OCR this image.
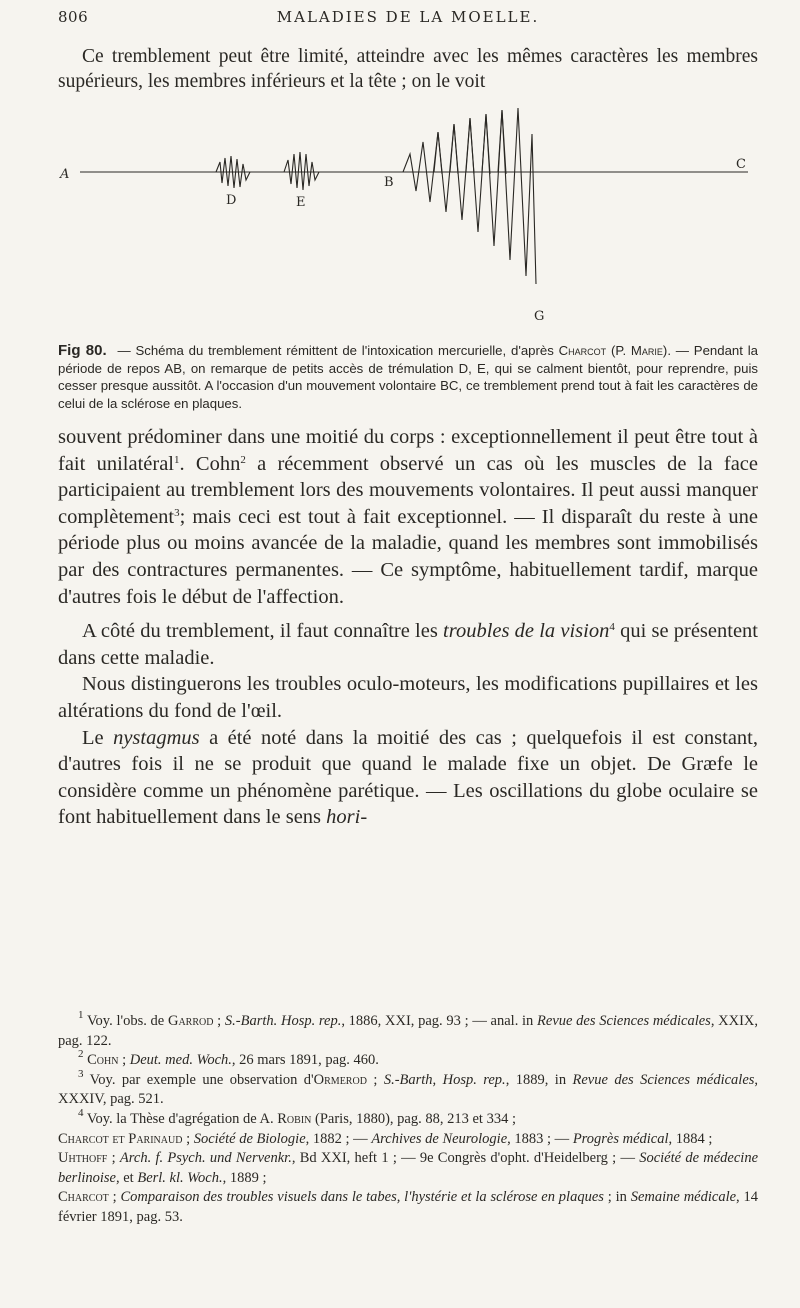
806	MALADIES DE LA MOELLE.
Ce tremblement peut être limité, atteindre avec les mêmes caractères les membres supérieurs, les membres inférieurs et la tête ; on le voit
A
D	E
B
C
G
Fig 80. — Schéma du tremblement rémittent de l'intoxication mercurielle, d'après Charcot (P. Marie). — Pendant la période de repos AB, on remarque de petits accès de trémulation D, E, qui se calment bientôt, pour reprendre, puis cesser presque aussitôt. A l'occasion d'un mouvement volontaire BC, ce tremblement prend tout à fait les caractères de celui de la sclérose en plaques.

souvent prédominer dans une moitié du corps : exceptionnellement il peut être tout à fait unilatéral$^1$. Cohn$^2$ a récemment observé un cas où les muscles de la face participaient au tremblement lors des mouvements volontaires. Il peut aussi manquer complètement$^3$; mais ceci est tout à fait exceptionnel. — Il disparaît du reste à une période plus ou moins avancée de la maladie, quand les membres sont immobilisés par des contractures permanentes. — Ce symptôme, habituellement tardif, marque d'autres fois le début de l'affection.

A côté du tremblement, il faut connaître les troubles de la vision$^4$ qui se présentent dans cette maladie.

Nous distinguerons les troubles oculo-moteurs, les modifications pupillaires et les altérations du fond de l'œil.

Le nystagmus a été noté dans la moitié des cas ; quelquefois il est constant, d'autres fois il ne se produit que quand le malade fixe un objet. De Græfe le considère comme un phénomène parétique. — Les oscillations du globe oculaire se font habituellement dans le sens hori-

$^1$ Voy. l'obs. de Garrod ; S.-Barth. Hosp. rep., 1886, XXI, pag. 93 ; — anal. in Revue des Sciences médicales, XXIX, pag. 122.

$^2$ Cohn ; Deut. med. Woch., 26 mars 1891, pag. 460.

$^3$ Voy. par exemple une observation d'Ormerod ; S.-Barth, Hosp. rep., 1889, in Revue des Sciences médicales, XXXIV, pag. 521.

$^4$ Voy. la Thèse d'agrégation de A. Robin (Paris, 1880), pag. 88, 213 et 334 ;

Charcot et Parinaud ; Société de Biologie, 1882 ; — Archives de Neurologie, 1883 ; — Progrès médical, 1884 ;

Uhthoff ; Arch. f. Psych. und Nervenkr., Bd XXI, heft 1 ; — 9e Congrès d'opht. d'Heidelberg ; — Société de médecine berlinoise, et Berl. kl. Woch., 1889 ;

Charcot ; Comparaison des troubles visuels dans le tabes, l'hystérie et la sclérose en plaques ; in Semaine médicale, 14 février 1891, pag. 53.
